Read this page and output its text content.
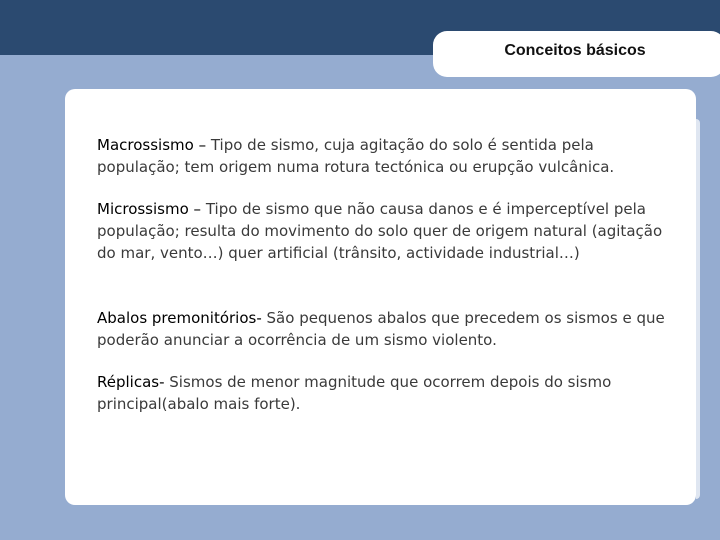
Conceitos básicos

Macrossismo – Tipo de sismo, cuja agitação do solo é sentida pela população; tem origem numa rotura tectónica ou erupção vulcânica.

Microssismo – Tipo de sismo que não causa danos e é imperceptível pela população; resulta do movimento do solo quer de origem natural (agitação do mar, vento…) quer artificial (trânsito, actividade industrial…)

Abalos premonitórios- São pequenos abalos que precedem os sismos e que poderão anunciar a ocorrência de um sismo violento.

Réplicas- Sismos de menor magnitude que ocorrem depois do sismo principal(abalo mais forte).
